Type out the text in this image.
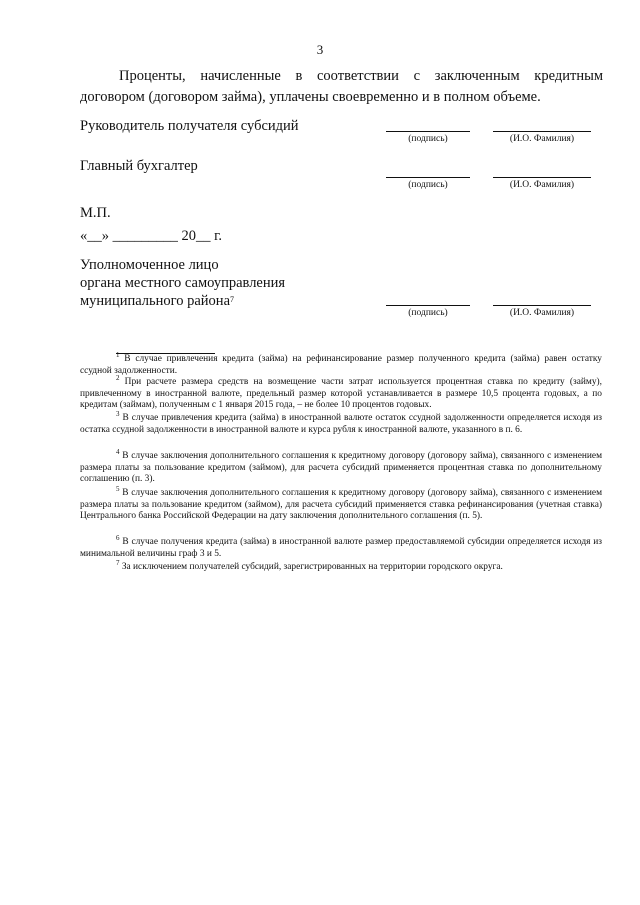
3
Проценты, начисленные в соответствии с заключенным кредитным
договором (договором займа), уплачены своевременно и в полном объеме.
Руководитель получателя субсидий
(подпись)	(И.О. Фамилия)
Главный бухгалтер
(подпись)	(И.О. Фамилия)
М.П.
«__» _________ 20__ г.
Уполномоченное лицо
органа местного самоуправления
муниципального района$^7$
(подпись)	(И.О. Фамилия)
$^1$ В случае привлечения кредита (займа) на рефинансирование размер полученного кредита (займа) равен остатку ссудной задолженности.
$^2$ При расчете размера средств на возмещение части затрат используется процентная ставка по кредиту (займу), привлеченному в иностранной валюте, предельный размер которой устанавливается в размере 10,5 процента годовых, а по кредитам (займам), полученным с 1 января 2015 года, – не более 10 процентов годовых.
$^3$ В случае привлечения кредита (займа) в иностранной валюте остаток ссудной задолженности определяется исходя из остатка ссудной задолженности в иностранной валюте и курса рубля к иностранной валюте, указанного в п. 6.
$^4$ В случае заключения дополнительного соглашения к кредитному договору (договору займа), связанного с изменением размера платы за пользование кредитом (займом), для расчета субсидий применяется процентная ставка по дополнительному соглашению (п. 3).
$^5$ В случае заключения дополнительного соглашения к кредитному договору (договору займа), связанного с изменением размера платы за пользование кредитом (займом), для расчета субсидий применяется ставка рефинансирования (учетная ставка) Центрального банка Российской Федерации на дату заключения дополнительного соглашения (п. 5).
$^6$ В случае получения кредита (займа) в иностранной валюте размер предоставляемой субсидии определяется исходя из минимальной величины граф 3 и 5.
$^7$ За исключением получателей субсидий, зарегистрированных на территории городского округа.
